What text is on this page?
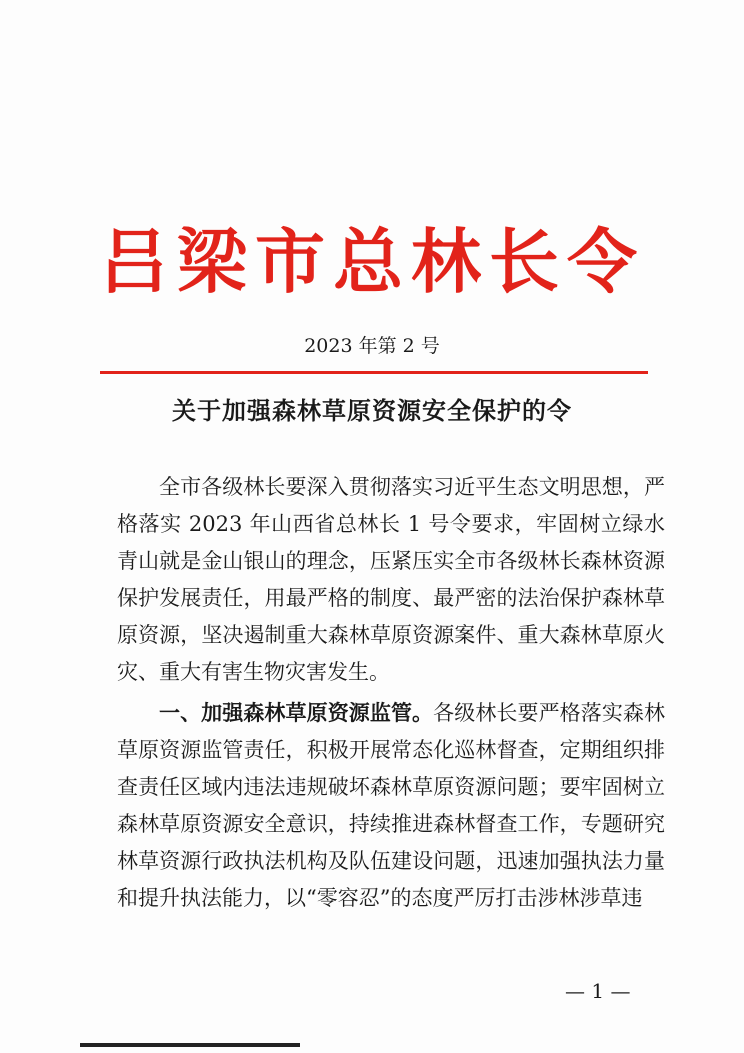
吕梁市总林长令
2023 年第 2 号
关于加强森林草原资源安全保护的令

全市各级林长要深入贯彻落实习近平生态文明思想，严格落实 2023 年山西省总林长 1 号令要求，牢固树立绿水青山就是金山银山的理念，压紧压实全市各级林长森林资源保护发展责任，用最严格的制度、最严密的法治保护森林草原资源，坚决遏制重大森林草原资源案件、重大森林草原火灾、重大有害生物灾害发生。

一、加强森林草原资源监管。各级林长要严格落实森林草原资源监管责任，积极开展常态化巡林督查，定期组织排查责任区域内违法违规破坏森林草原资源问题；要牢固树立森林草原资源安全意识，持续推进森林督查工作，专题研究林草资源行政执法机构及队伍建设问题，迅速加强执法力量和提升执法能力，以“零容忍”的态度严厉打击涉林涉草违

— 1 —
